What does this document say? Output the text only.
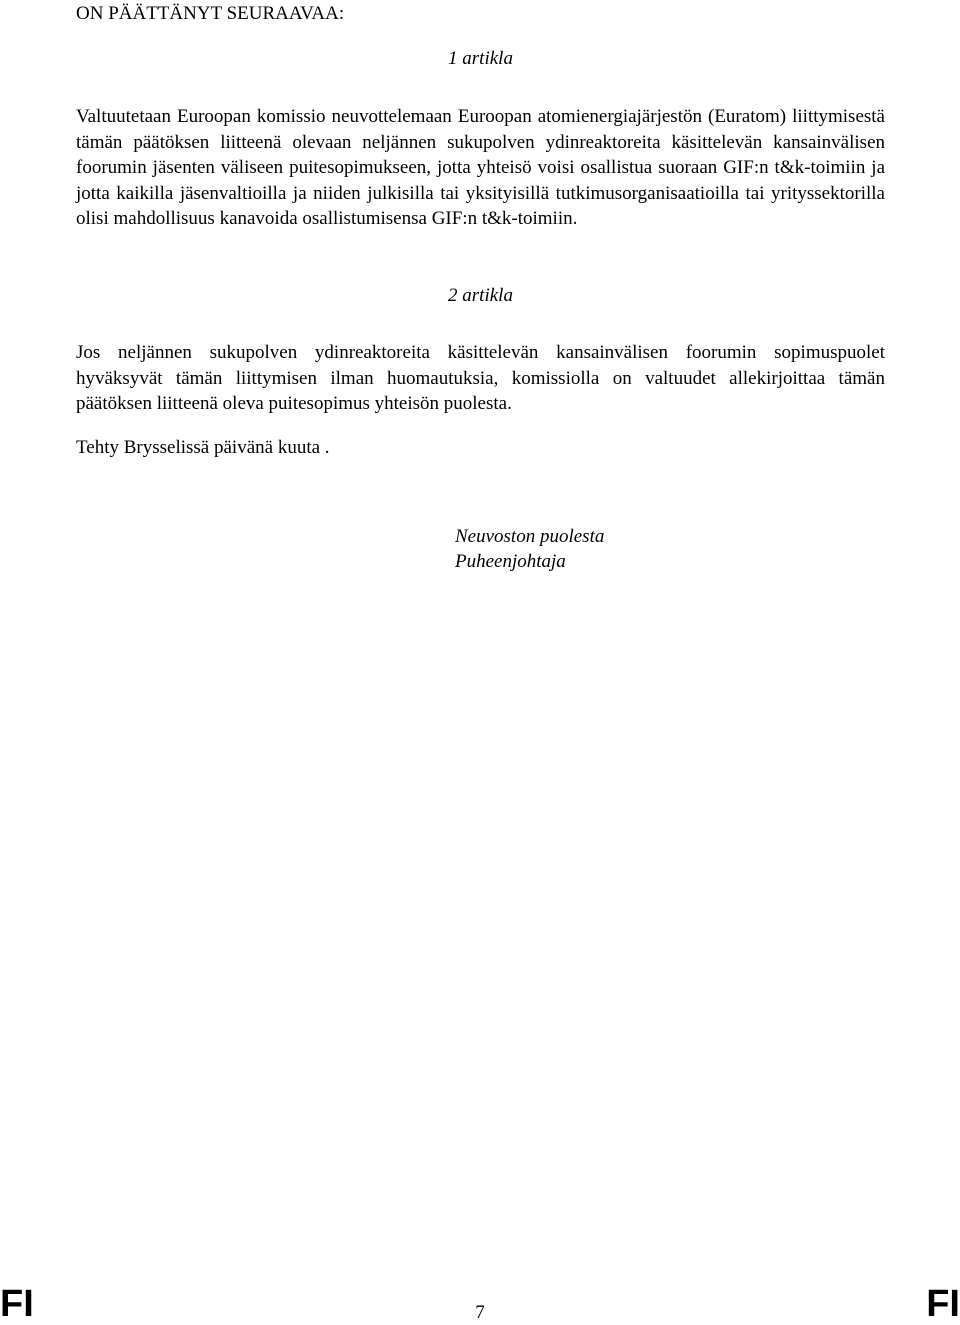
ON PÄÄTTÄNYT SEURAAVAA:
1 artikla

Valtuutetaan Euroopan komissio neuvottelemaan Euroopan atomienergiajärjestön (Euratom) liittymisestä tämän päätöksen liitteenä olevaan neljännen sukupolven ydinreaktoreita käsittelevän kansainvälisen foorumin jäsenten väliseen puitesopimukseen, jotta yhteisö voisi osallistua suoraan GIF:n t&k-toimiin ja jotta kaikilla jäsenvaltioilla ja niiden julkisilla tai yksityisillä tutkimusorganisaatioilla tai yrityssektorilla olisi mahdollisuus kanavoida osallistumisensa GIF:n t&k-toimiin.

2 artikla

Jos neljännen sukupolven ydinreaktoreita käsittelevän kansainvälisen foorumin sopimuspuolet hyväksyvät tämän liittymisen ilman huomautuksia, komissiolla on valtuudet allekirjoittaa tämän päätöksen liitteenä oleva puitesopimus yhteisön puolesta.

Tehty Brysselissä päivänä kuuta .
Neuvoston puolesta
Puheenjohtaja
FI	7	FI
